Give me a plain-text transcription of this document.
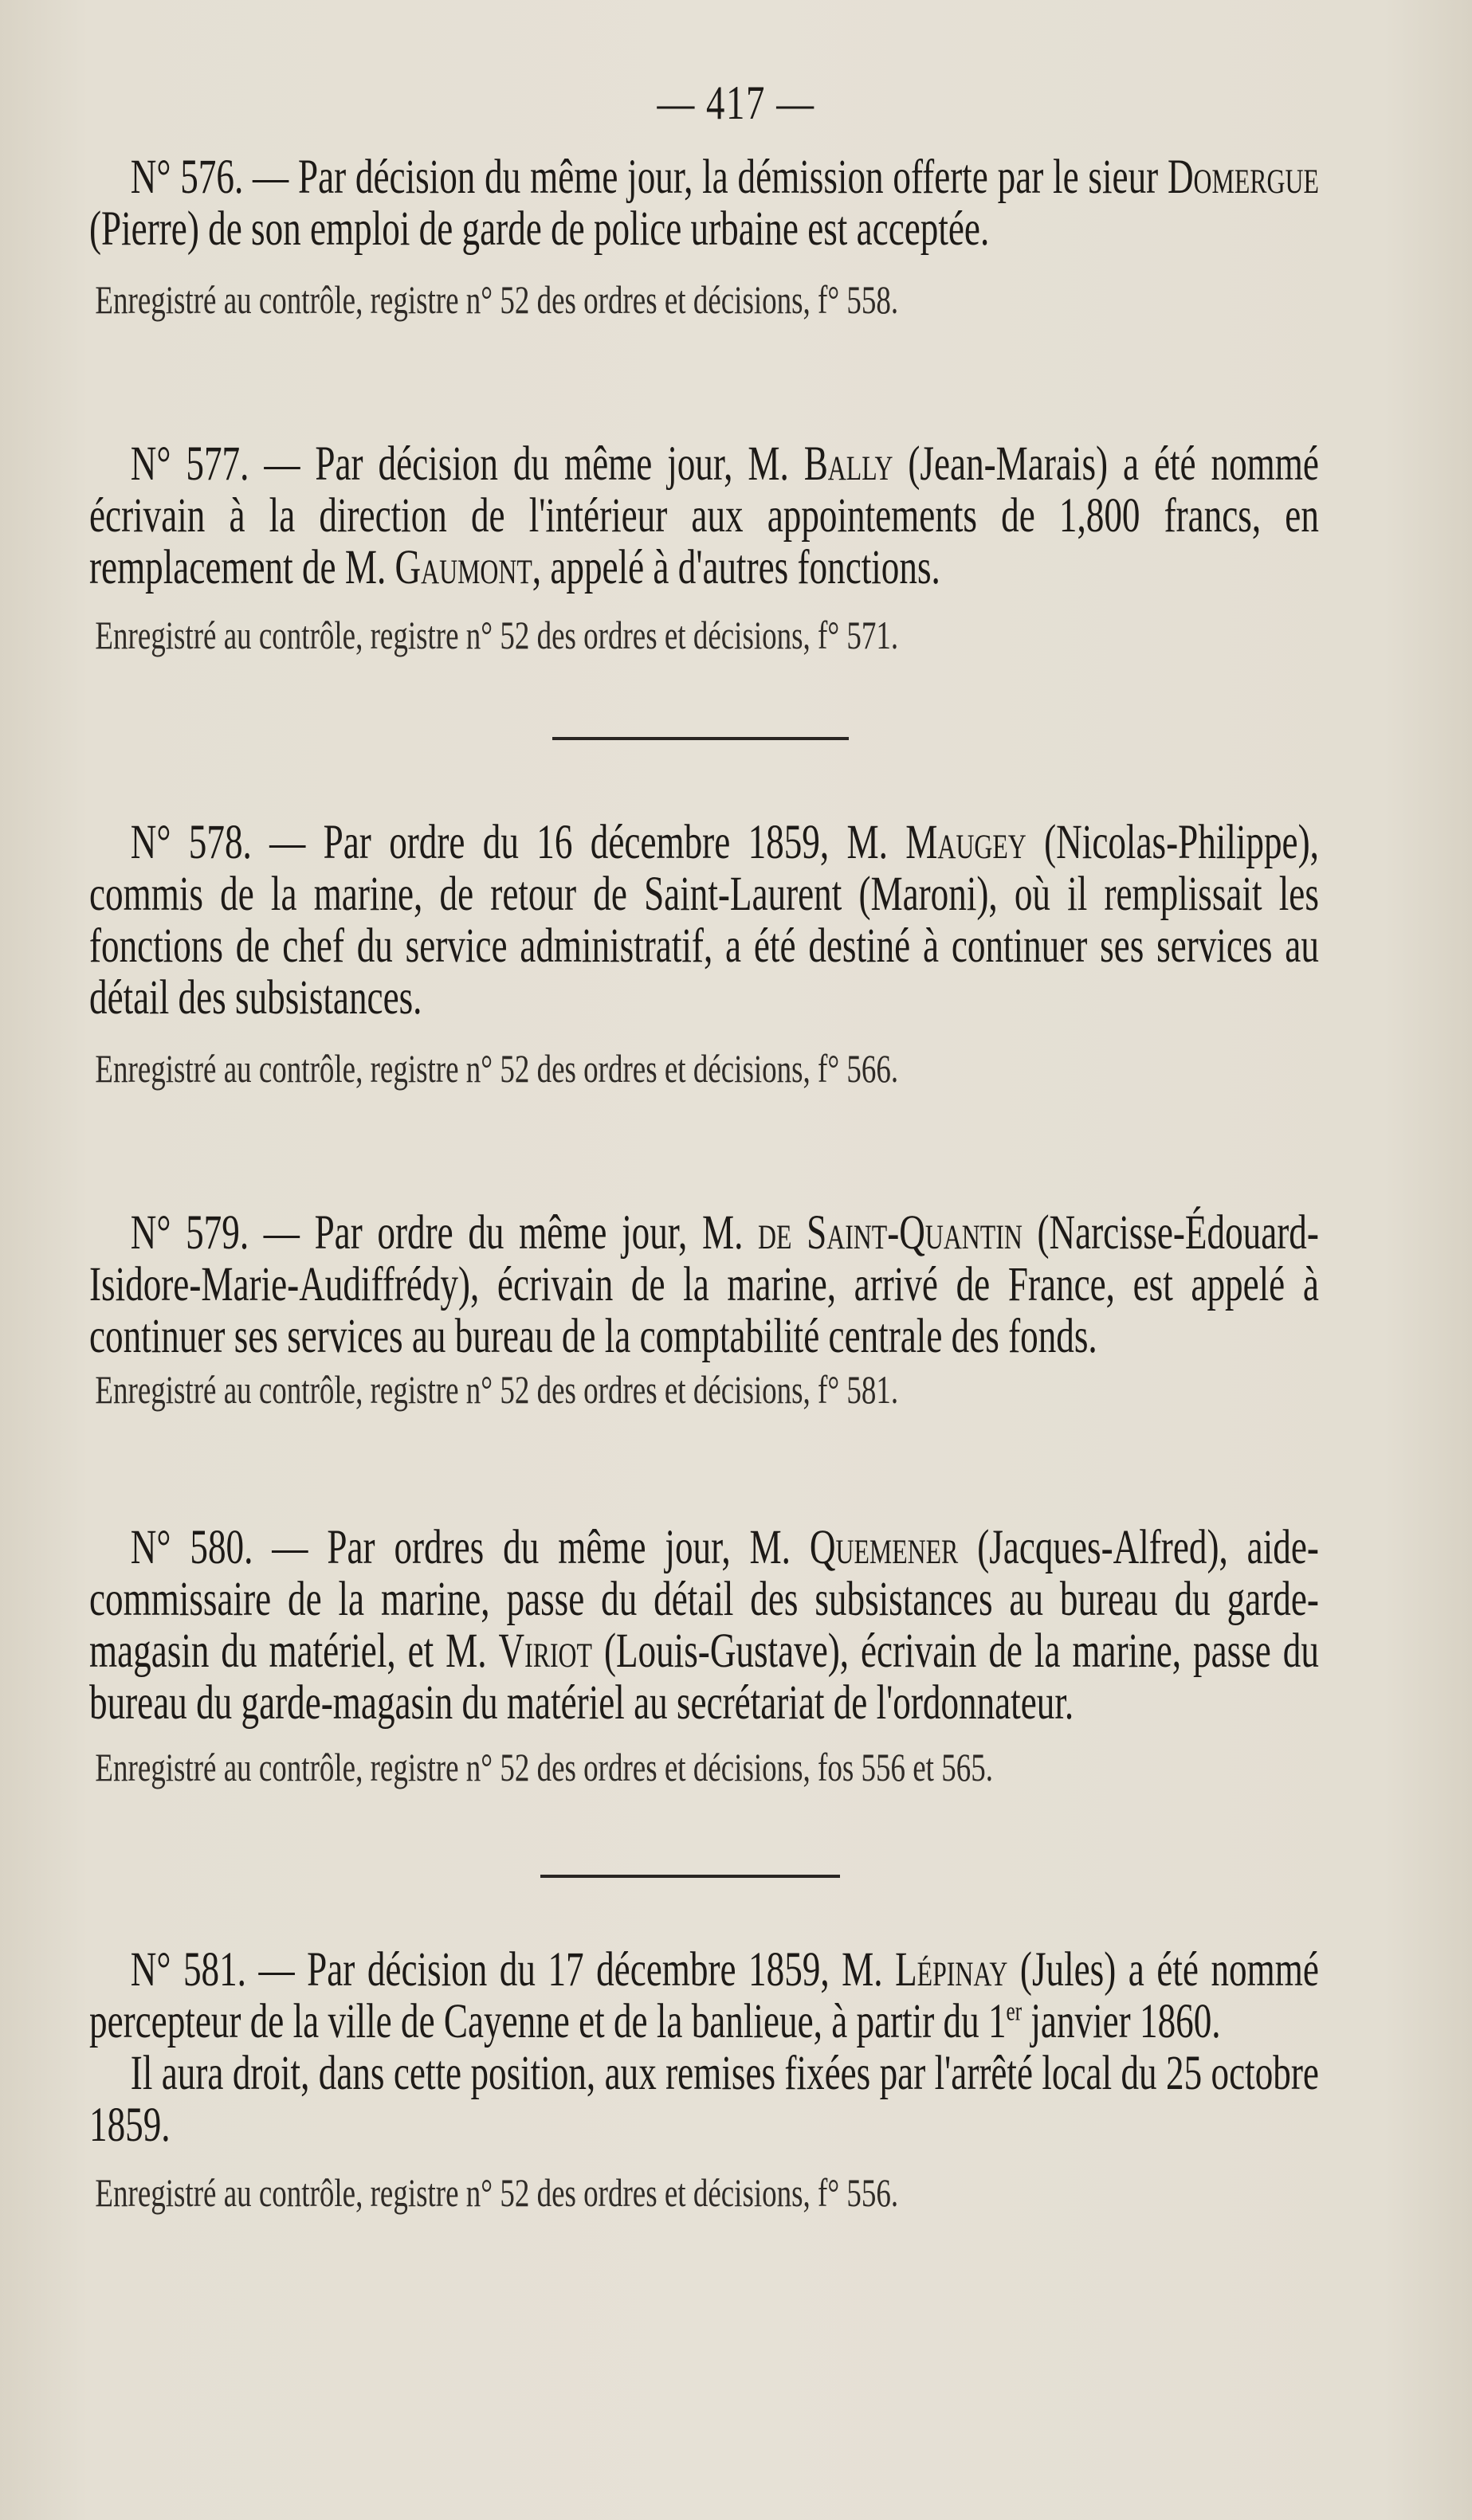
— 417 —

N° 576. — Par décision du même jour, la démission offerte par le sieur Domergue (Pierre) de son emploi de garde de police urbaine est acceptée.

Enregistré au contrôle, registre n° 52 des ordres et décisions, f° 558.

N° 577. — Par décision du même jour, M. Bally (Jean-Marais) a été nommé écrivain à la direction de l'intérieur aux appointements de 1,800 francs, en remplacement de M. Gaumont, appelé à d'autres fonctions.

Enregistré au contrôle, registre n° 52 des ordres et décisions, f° 571.

N° 578. — Par ordre du 16 décembre 1859, M. Maugey (Nicolas-Philippe), commis de la marine, de retour de Saint-Laurent (Maroni), où il remplissait les fonctions de chef du service administratif, a été destiné à continuer ses services au détail des subsistances.

Enregistré au contrôle, registre n° 52 des ordres et décisions, f° 566.

N° 579. — Par ordre du même jour, M. de Saint-Quantin (Narcisse-Édouard-Isidore-Marie-Audiffrédy), écrivain de la marine, arrivé de France, est appelé à continuer ses services au bureau de la comptabilité centrale des fonds.

Enregistré au contrôle, registre n° 52 des ordres et décisions, f° 581.

N° 580. — Par ordres du même jour, M. Quemener (Jacques-Alfred), aide-commissaire de la marine, passe du détail des subsistances au bureau du garde-magasin du matériel, et M. Viriot (Louis-Gustave), écrivain de la marine, passe du bureau du garde-magasin du matériel au secrétariat de l'ordonnateur.

Enregistré au contrôle, registre n° 52 des ordres et décisions, fos 556 et 565.

N° 581. — Par décision du 17 décembre 1859, M. Lépinay (Jules) a été nommé percepteur de la ville de Cayenne et de la banlieue, à partir du 1er janvier 1860.

Il aura droit, dans cette position, aux remises fixées par l'arrêté local du 25 octobre 1859.

Enregistré au contrôle, registre n° 52 des ordres et décisions, f° 556.
